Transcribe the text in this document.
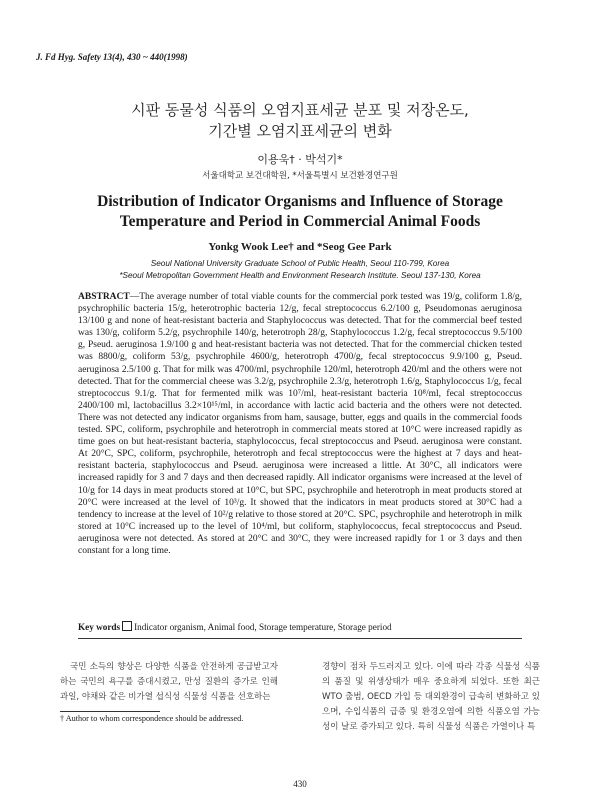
J. Fd Hyg. Safety 13(4), 430 ~ 440(1998)
시판 동물성 식품의 오염지표세균 분포 및 저장온도,
기간별 오염지표세균의 변화
이용욱† · 박석기*
서울대학교 보건대학원, *서울특별시 보건환경연구원
Distribution of Indicator Organisms and Influence of Storage
Temperature and Period in Commercial Animal Foods
Yonkg Wook Lee† and *Seog Gee Park
Seoul National University Graduate School of Public Health, Seoul 110-799, Korea
*Seoul Metropolitan Government Health and Environment Research Institute. Seoul 137-130, Korea

ABSTRACT—The average number of total viable counts for the commercial pork tested was 19/g, coliform 1.8/g, psychrophilic bacteria 15/g, heterotrophic bacteria 12/g, fecal streptococcus 6.2/100 g, Pseudomonas aeruginosa 13/100 g and none of heat-resistant bacteria and Staphylococcus was detected. That for the commercial beef tested was 130/g, coliform 5.2/g, psychrophile 140/g, heterotroph 28/g, Staphylococcus 1.2/g, fecal streptococcus 9.5/100 g, Pseud. aeruginosa 1.9/100 g and heat-resistant bacteria was not detected. That for the commercial chicken tested was 8800/g, coliform 53/g, psychrophile 4600/g, heterotroph 4700/g, fecal streptococcus 9.9/100 g, Pseud. aeruginosa 2.5/100 g. That for milk was 4700/ml, psychrophile 120/ml, heterotroph 420/ml and the others were not detected. That for the commercial cheese was 3.2/g, psychrophile 2.3/g, heterotroph 1.6/g, Staphylococcus 1/g, fecal streptococcus 9.1/g. That for fermented milk was 10⁷/ml, heat-resistant bacteria 10⁸/ml, fecal streptococcus 2400/100 ml, lactobacillus 3.2×10¹⁵/ml, in accordance with lactic acid bacteria and the others were not detected. There was not detected any indicator organisms from ham, sausage, butter, eggs and quails in the commercial foods tested. SPC, coliform, psychrophile and heterotroph in commercial meats stored at 10°C were increased rapidly as time goes on but heat-resistant bacteria, staphylococcus, fecal streptococcus and Pseud. aeruginosa were constant. At 20°C, SPC, coliform, psychrophile, heterotroph and fecal streptococcus were the highest at 7 days and heat-resistant bacteria, staphylococcus and Pseud. aeruginosa were increased a little. At 30°C, all indicators were increased rapidly for 3 and 7 days and then decreased rapidly. All indicator organisms were increased at the level of 10/g for 14 days in meat products stored at 10°C, but SPC, psychrophile and heterotroph in meat products stored at 20°C were increased at the level of 10³/g. It showed that the indicators in meat products stored at 30°C had a tendency to increase at the level of 10²/g relative to those stored at 20°C. SPC, psychrophile and heterotroph in milk stored at 10°C increased up to the level of 10⁴/ml, but coliform, staphylococcus, fecal streptococcus and Pseud. aeruginosa were not detected. As stored at 20°C and 30°C, they were increased rapidly for 1 or 3 days and then constant for a long time.

Key words Indicator organism, Animal food, Storage temperature, Storage period

국민 소득의 향상은 다양한 식품을 안전하게 공급받고자 하는 국민의 욕구를 증대시켰고, 만성 질환의 증가로 인해 과일, 야채와 같은 비가열 섭식성 식물성 식품을 선호하는

경향이 점차 두드러지고 있다. 이에 따라 각종 식물성 식품의 품질 및 위생상태가 매우 중요하게 되었다. 또한 최근 WTO 출범, OECD 가입 등 대외환경이 급속히 변화하고 있으며, 수입식품의 급증 및 환경오염에 의한 식품오염 가능성이 날로 증가되고 있다. 특히 식물성 식품은 가열이나 특

† Author to whom correspondence should be addressed.
430
